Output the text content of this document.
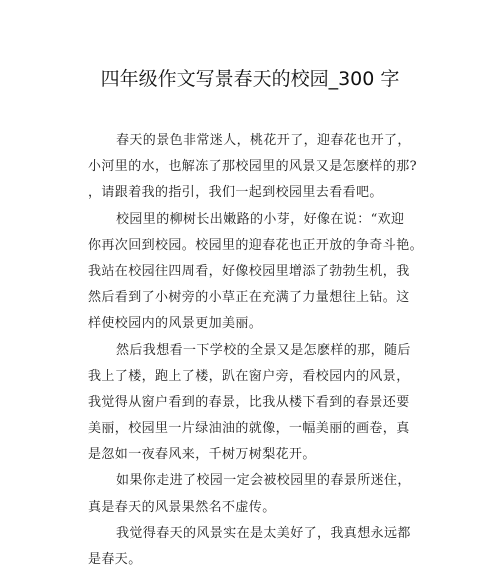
四年级作文写景春天的校园_300 字
春天的景色非常迷人，桃花开了，迎春花也开了，
小河里的水，也解冻了那校园里的风景又是怎麽样的那?
，请跟着我的指引，我们一起到校园里去看看吧。
校园里的柳树长出嫩路的小芽，好像在说：“欢迎
你再次回到校园。校园里的迎春花也正开放的争奇斗艳。
我站在校园往四周看，好像校园里增添了勃勃生机，我
然后看到了小树旁的小草正在充满了力量想往上钻。这
样使校园内的风景更加美丽。
然后我想看一下学校的全景又是怎麽样的那，随后
我上了楼，跑上了楼，趴在窗户旁，看校园内的风景，
我觉得从窗户看到的春景，比我从楼下看到的春景还要
美丽，校园里一片绿油油的就像，一幅美丽的画卷，真
是忽如一夜春风来，千树万树梨花开。
如果你走进了校园一定会被校园里的春景所迷住，
真是春天的风景果然名不虚传。
我觉得春天的风景实在是太美好了，我真想永远都
是春天。
